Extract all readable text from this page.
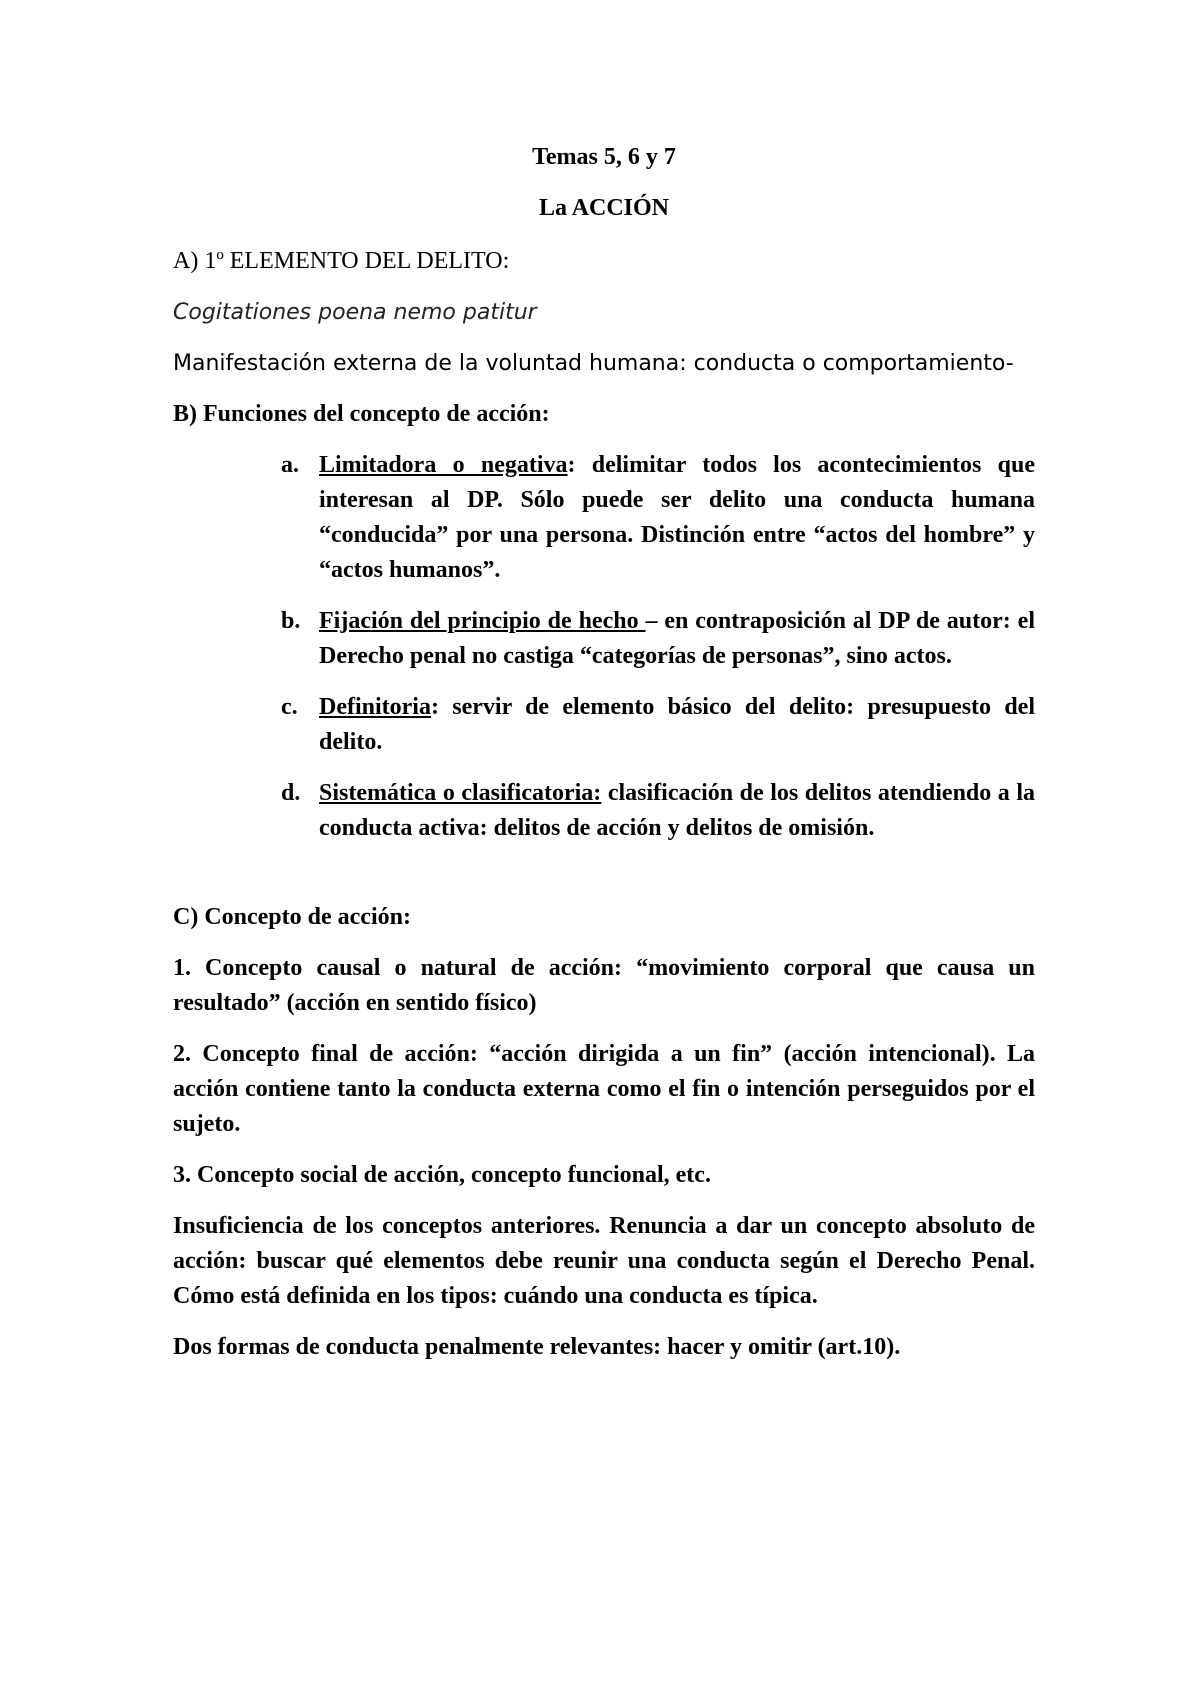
Temas 5, 6 y 7

La ACCIÓN

A) 1º ELEMENTO DEL DELITO:

Cogitationes poena nemo patitur

Manifestación externa de la voluntad humana: conducta o comportamiento-

B) Funciones del concepto de acción:

a. Limitadora o negativa: delimitar todos los acontecimientos que interesan al DP. Sólo puede ser delito una conducta humana “conducida” por una persona. Distinción entre “actos del hombre” y “actos humanos”.
b. Fijación del principio de hecho – en contraposición al DP de autor: el Derecho penal no castiga “categorías de personas”, sino actos.
c. Definitoria: servir de elemento básico del delito: presupuesto del delito.
d. Sistemática o clasificatoria: clasificación de los delitos atendiendo a la conducta activa: delitos de acción y delitos de omisión.

C) Concepto de acción:

1. Concepto causal o natural de acción: “movimiento corporal que causa un resultado” (acción en sentido físico)

2. Concepto final de acción: “acción dirigida a un fin” (acción intencional). La acción contiene tanto la conducta externa como el fin o intención perseguidos por el sujeto.

3. Concepto social de acción, concepto funcional, etc.

Insuficiencia de los conceptos anteriores. Renuncia a dar un concepto absoluto de acción: buscar qué elementos debe reunir una conducta según el Derecho Penal. Cómo está definida en los tipos: cuándo una conducta es típica.

Dos formas de conducta penalmente relevantes: hacer y omitir (art.10).
